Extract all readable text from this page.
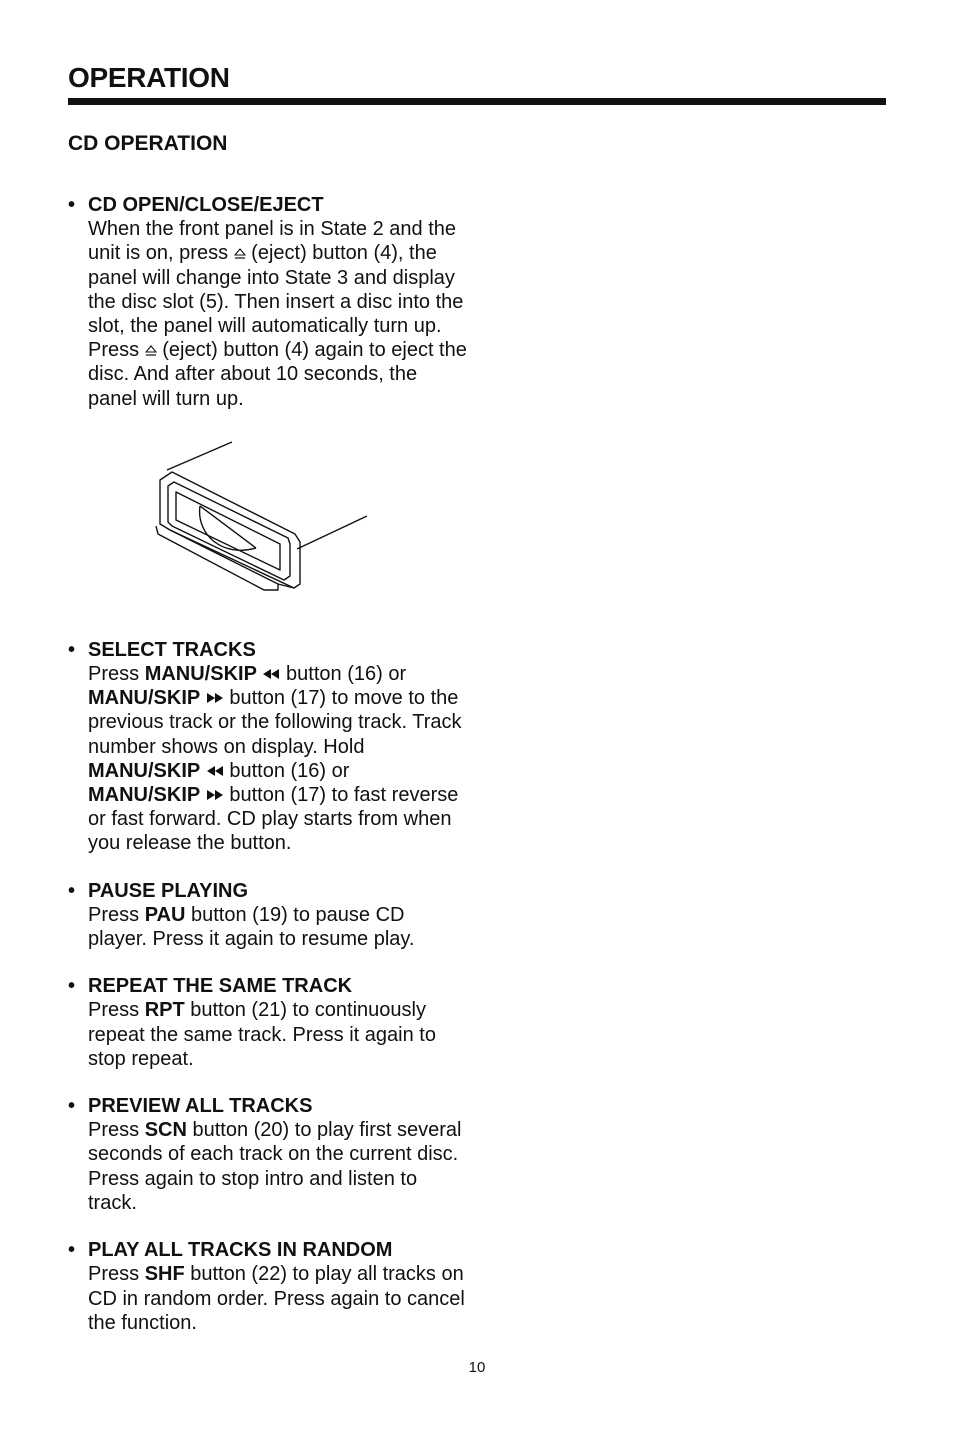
OPERATION
CD OPERATION
• CD OPEN/CLOSE/EJECT
When the front panel is in State 2 and the unit is on, press  (eject) button (4), the panel will change into State 3 and display the disc slot (5). Then insert a disc into the slot, the panel will automatically turn up. Press  (eject) button (4) again to eject the disc. And after about 10 seconds, the panel will turn up.
• SELECT TRACKS
Press MANU/SKIP  button (16) or MANU/SKIP  button (17) to move to the previous track or the following track. Track number shows on display. Hold MANU/SKIP  button (16) or MANU/SKIP  button (17) to fast reverse or fast forward. CD play starts from when you release the button.
• PAUSE PLAYING
Press PAU button (19) to pause CD player. Press it again to resume play.
• REPEAT THE SAME TRACK
Press RPT button (21) to continuously repeat the same track. Press it again to stop repeat.
• PREVIEW ALL TRACKS
Press SCN button (20) to play first several seconds of each track on the current disc. Press again to stop intro and listen to track.
• PLAY ALL TRACKS IN RANDOM
Press SHF button (22) to play all tracks on CD in random order. Press again to cancel the function.
10
